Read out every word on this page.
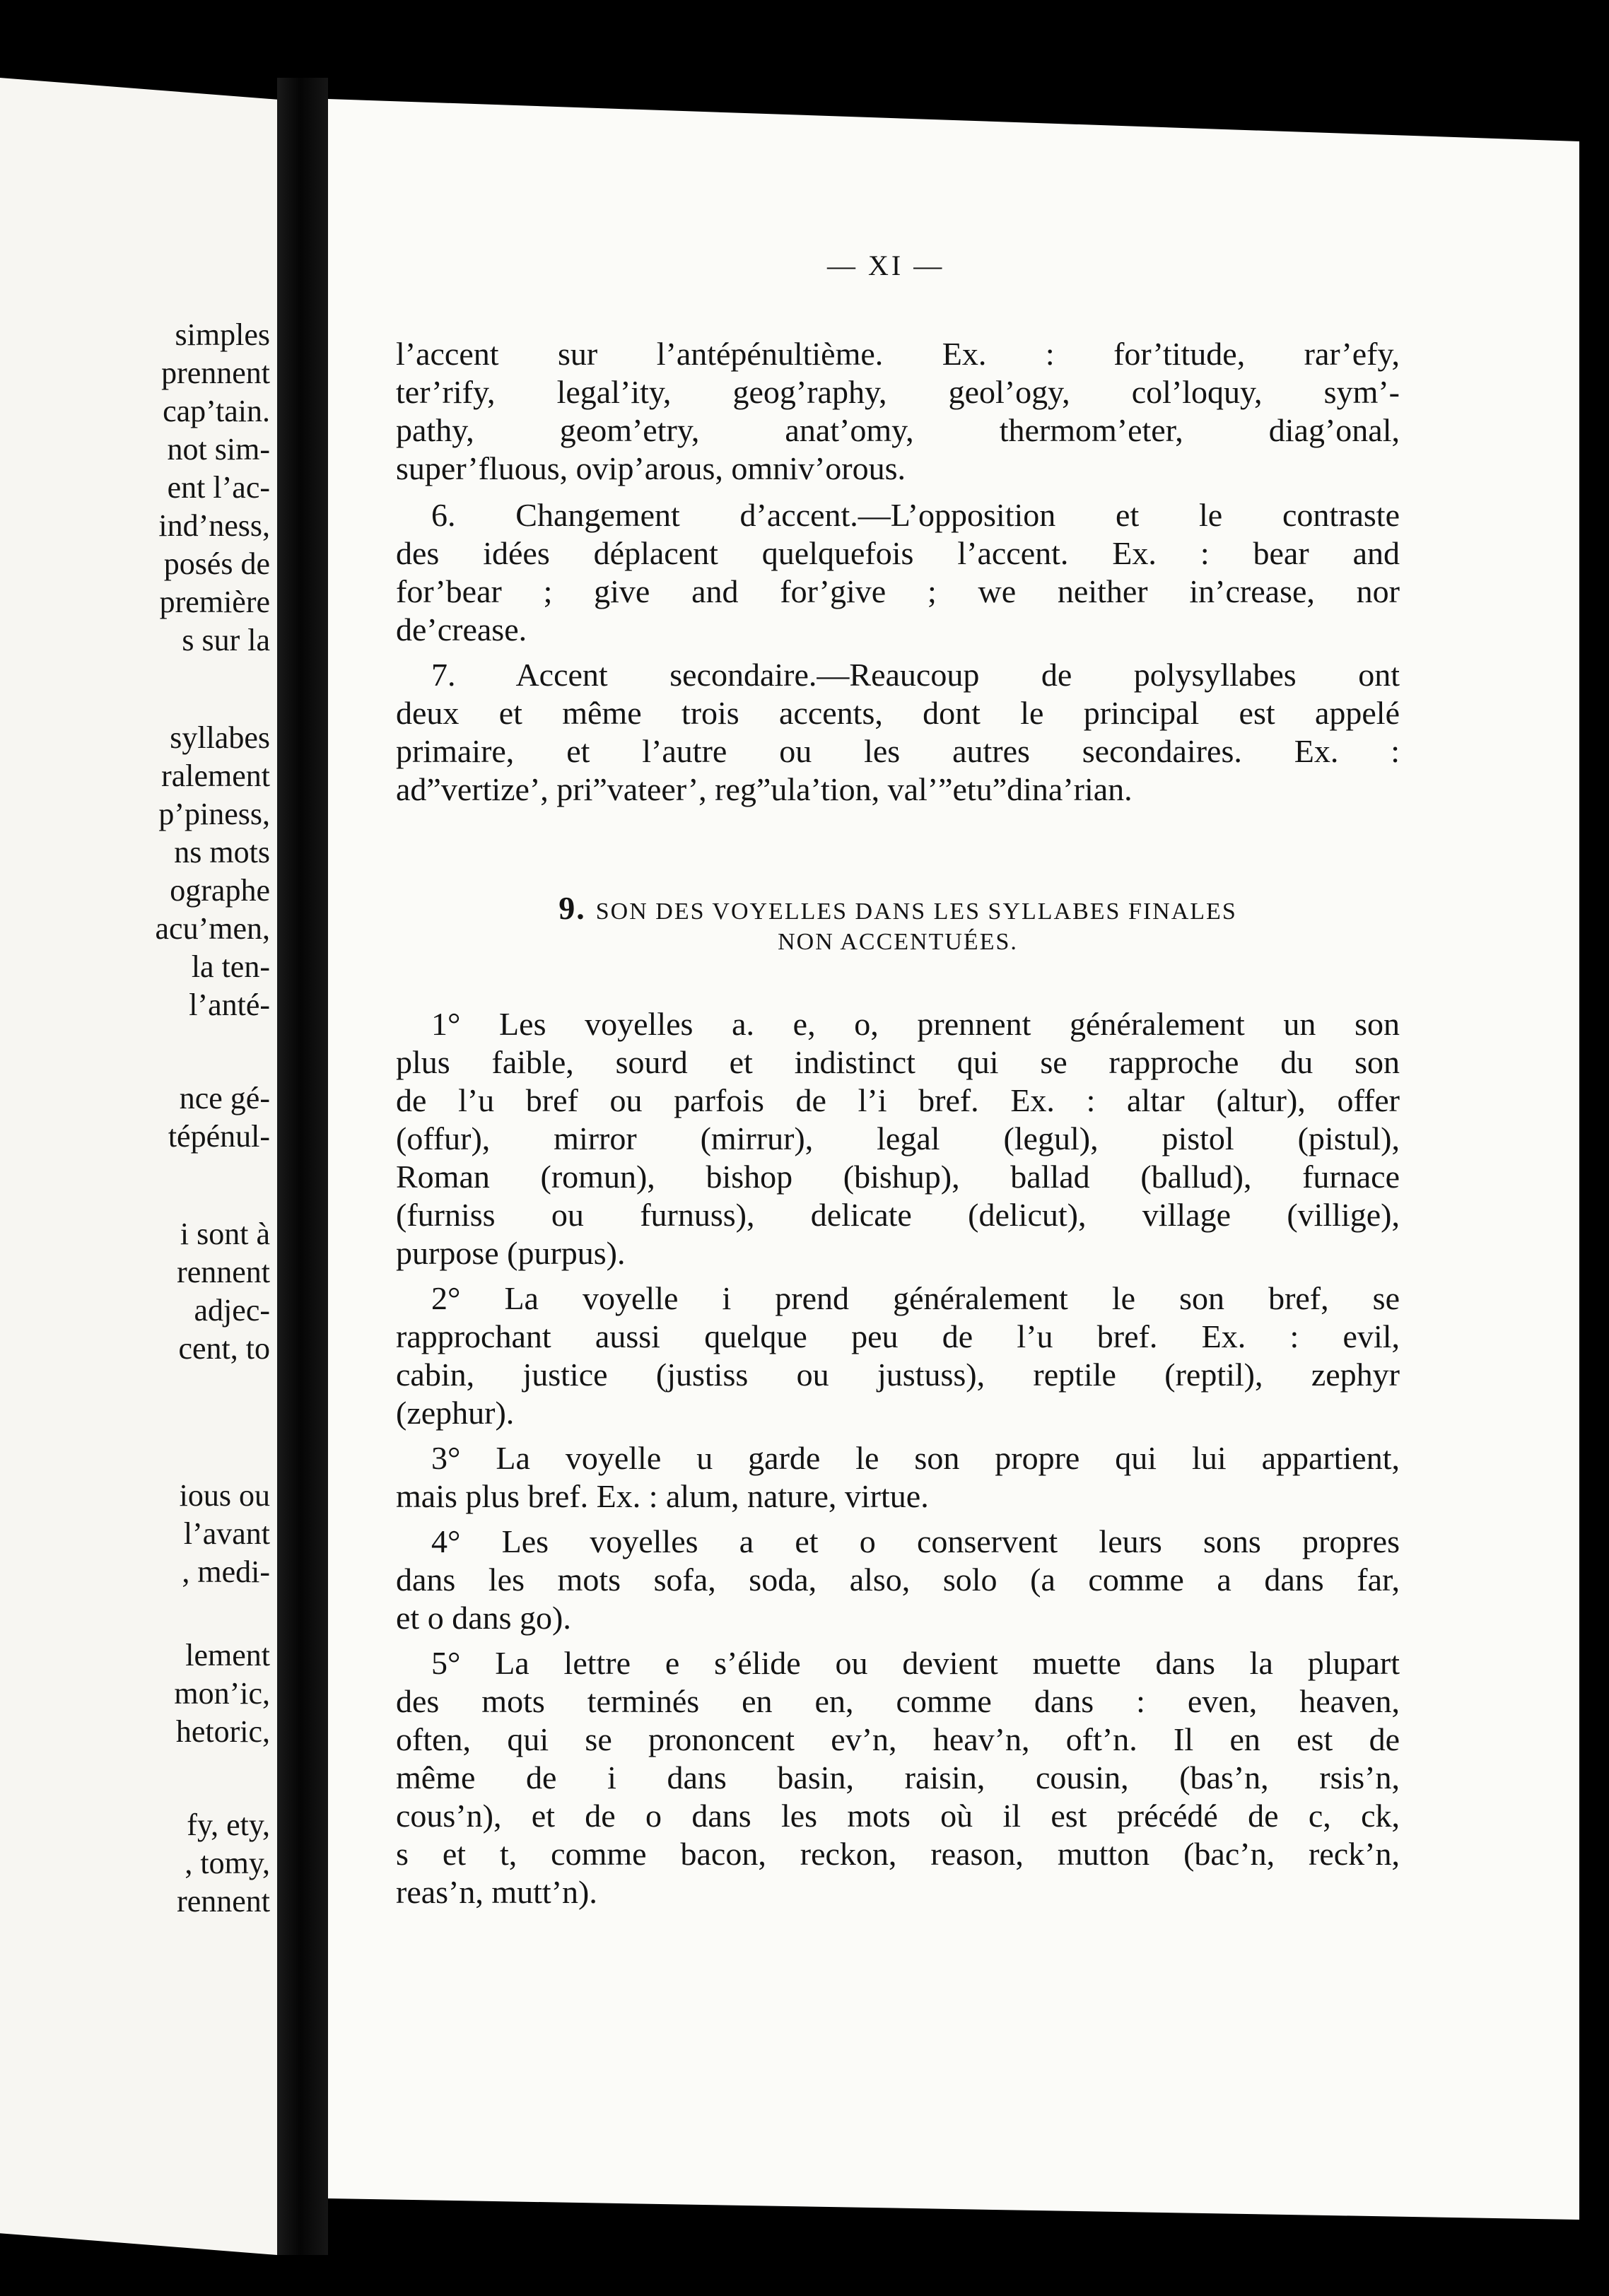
simples
prennent
cap’tain.
not sim-
ent l’ac-
ind’ness,
posés de
première
s sur la
syllabes
ralement
p’piness,
ns mots
ographe
acu’men,
la ten-
l’anté-
nce gé-
tépénul-
i sont à
rennent
adjec-
cent, to
ious ou
l’avant
, medi-
lement
mon’ic,
hetoric,
fy, ety,
, tomy,
rennent
— XI —
l’accent sur l’antépénultième. Ex. : for’titude, rar’efy,
ter’rify, legal’ity, geog’raphy, geol’ogy, col’loquy, sym’-
pathy, geom’etry, anat’omy, thermom’eter, diag’onal,
super’fluous, ovip’arous, omniv’orous.
6. Changement d’accent.—L’opposition et le contraste
des idées déplacent quelquefois l’accent. Ex. : bear and
for’bear ; give and for’give ; we neither in’crease, nor
de’crease.
7. Accent secondaire.—Reaucoup de polysyllabes ont
deux et même trois accents, dont le principal est appelé
primaire, et l’autre ou les autres secondaires. Ex. :
ad”vertize’, pri”vateer’, reg”ula’tion, val’”etu”dina’rian.
1° Les voyelles a. e, o, prennent généralement un son
plus faible, sourd et indistinct qui se rapproche du son
de l’u bref ou parfois de l’i bref. Ex. : altar (altur), offer
(offur), mirror (mirrur), legal (legul), pistol (pistul),
Roman (romun), bishop (bishup), ballad (ballud), furnace
(furniss ou furnuss), delicate (delicut), village (villige),
purpose (purpus).
2° La voyelle i prend généralement le son bref, se
rapprochant aussi quelque peu de l’u bref. Ex. : evil,
cabin, justice (justiss ou justuss), reptile (reptil), zephyr
(zephur).
3° La voyelle u garde le son propre qui lui appartient,
mais plus bref. Ex. : alum, nature, virtue.
4° Les voyelles a et o conservent leurs sons propres
dans les mots sofa, soda, also, solo (a comme a dans far,
et o dans go).
5° La lettre e s’élide ou devient muette dans la plupart
des mots terminés en en, comme dans : even, heaven,
often, qui se prononcent ev’n, heav’n, oft’n. Il en est de
même de i dans basin, raisin, cousin, (bas’n, rsis’n,
cous’n), et de o dans les mots où il est précédé de c, ck,
s et t, comme bacon, reckon, reason, mutton (bac’n, reck’n,
reas’n, mutt’n).
9. SON DES VOYELLES DANS LES SYLLABES FINALES
NON ACCENTUÉES.
